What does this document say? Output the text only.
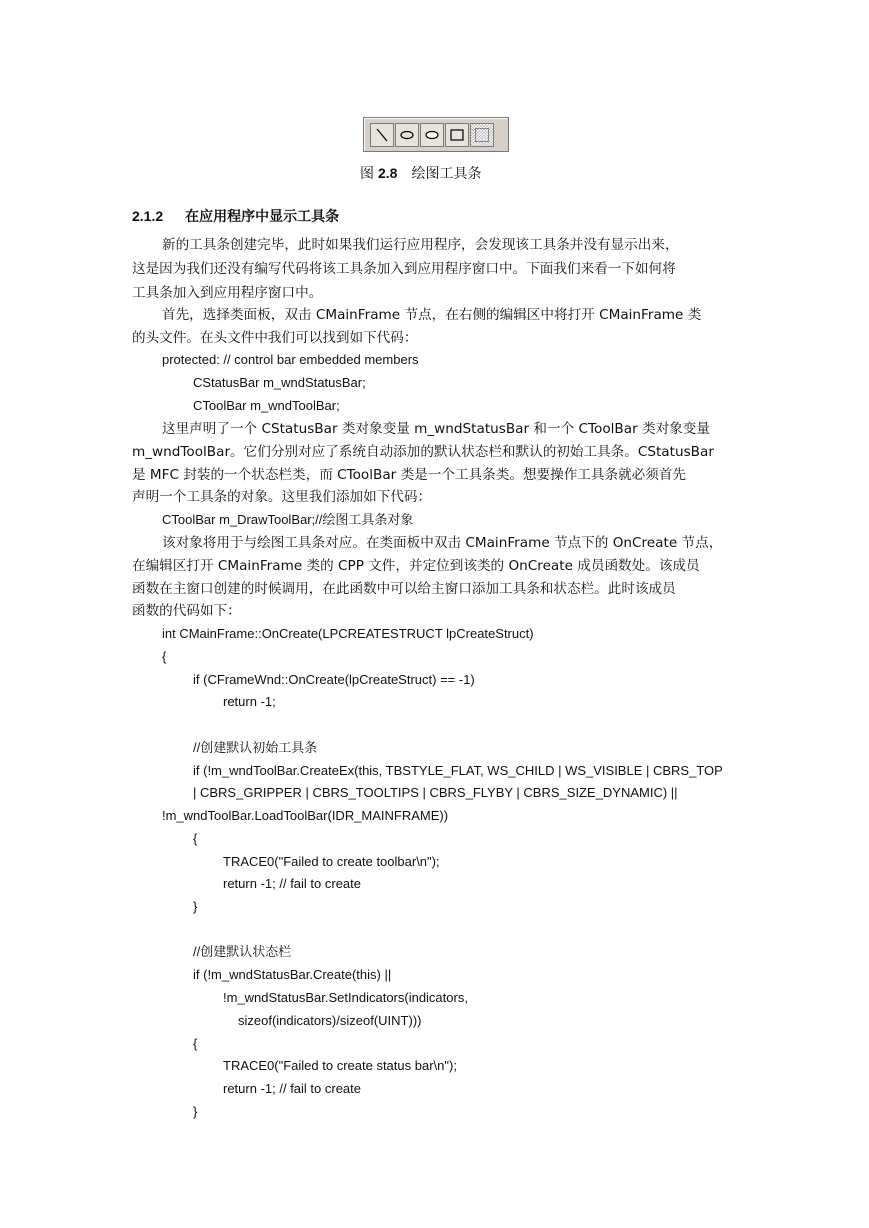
图 2.8 绘图工具条
2.1.2 在应用程序中显示工具条
新的工具条创建完毕，此时如果我们运行应用程序，会发现该工具条并没有显示出来，
这是因为我们还没有编写代码将该工具条加入到应用程序窗口中。下面我们来看一下如何将
工具条加入到应用程序窗口中。
首先，选择类面板，双击 CMainFrame 节点，在右侧的编辑区中将打开 CMainFrame 类
的头文件。在头文件中我们可以找到如下代码：
protected: // control bar embedded members
CStatusBar m_wndStatusBar;
CToolBar m_wndToolBar;
这里声明了一个 CStatusBar 类对象变量 m_wndStatusBar 和一个 CToolBar 类对象变量
m_wndToolBar。它们分别对应了系统自动添加的默认状态栏和默认的初始工具条。CStatusBar
是 MFC 封装的一个状态栏类，而 CToolBar 类是一个工具条类。想要操作工具条就必须首先
声明一个工具条的对象。这里我们添加如下代码：
CToolBar m_DrawToolBar;//绘图工具条对象
该对象将用于与绘图工具条对应。在类面板中双击 CMainFrame 节点下的 OnCreate 节点，
在编辑区打开 CMainFrame 类的 CPP 文件，并定位到该类的 OnCreate 成员函数处。该成员
函数在主窗口创建的时候调用，在此函数中可以给主窗口添加工具条和状态栏。此时该成员
函数的代码如下：
int CMainFrame::OnCreate(LPCREATESTRUCT lpCreateStruct)
{
if (CFrameWnd::OnCreate(lpCreateStruct) == -1)
return -1;
//创建默认初始工具条
if (!m_wndToolBar.CreateEx(this, TBSTYLE_FLAT, WS_CHILD | WS_VISIBLE | CBRS_TOP
| CBRS_GRIPPER | CBRS_TOOLTIPS | CBRS_FLYBY | CBRS_SIZE_DYNAMIC) ||
!m_wndToolBar.LoadToolBar(IDR_MAINFRAME))
{
TRACE0("Failed to create toolbar\n");
return -1; // fail to create
}
//创建默认状态栏
if (!m_wndStatusBar.Create(this) ||
!m_wndStatusBar.SetIndicators(indicators,
sizeof(indicators)/sizeof(UINT)))
{
TRACE0("Failed to create status bar\n");
return -1; // fail to create
}
